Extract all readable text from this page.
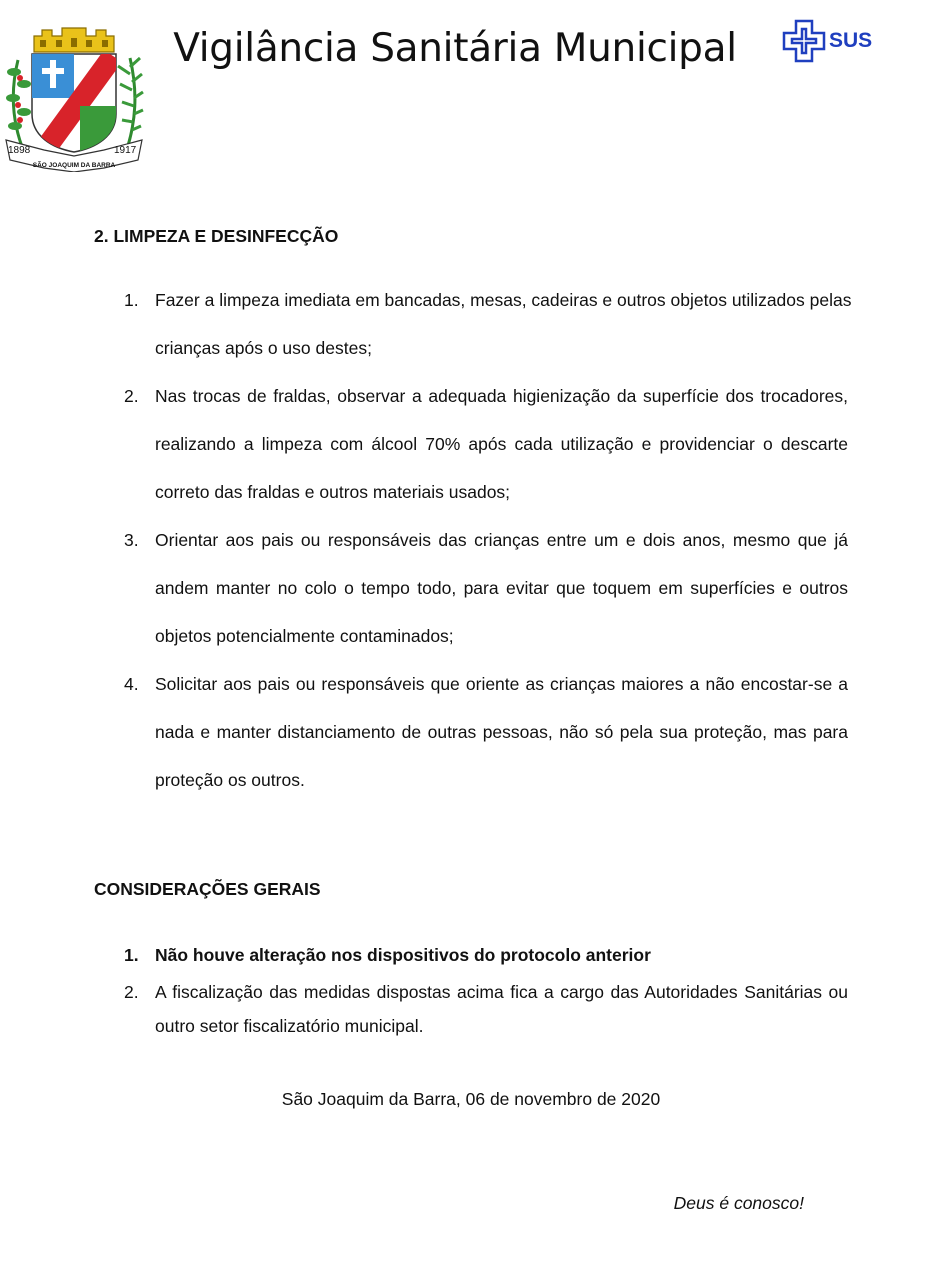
1898	1917
SÃO JOAQUIM DA BARRA
Vigilância Sanitária Municipal	SUS
2. LIMPEZA E DESINFECÇÃO
1. Fazer a limpeza imediata em bancadas, mesas, cadeiras e outros objetos utilizados pelas
crianças após o uso destes;
2. Nas trocas de fraldas, observar a adequada higienização da superfície dos trocadores,
realizando a limpeza com álcool 70% após cada utilização e providenciar o descarte
correto das fraldas e outros materiais usados;
3. Orientar aos pais ou responsáveis das crianças entre um e dois anos, mesmo que já
andem manter no colo o tempo todo, para evitar que toquem em superfícies e outros
objetos potencialmente contaminados;
4. Solicitar aos pais ou responsáveis que oriente as crianças maiores a não encostar-se a
nada e manter distanciamento de outras pessoas, não só pela sua proteção, mas para
proteção os outros.
CONSIDERAÇÕES GERAIS
1. Não houve alteração nos dispositivos do protocolo anterior
2. A fiscalização das medidas dispostas acima fica a cargo das Autoridades Sanitárias ou
outro setor fiscalizatório municipal.
São Joaquim da Barra, 06 de novembro de 2020
Deus é conosco!
